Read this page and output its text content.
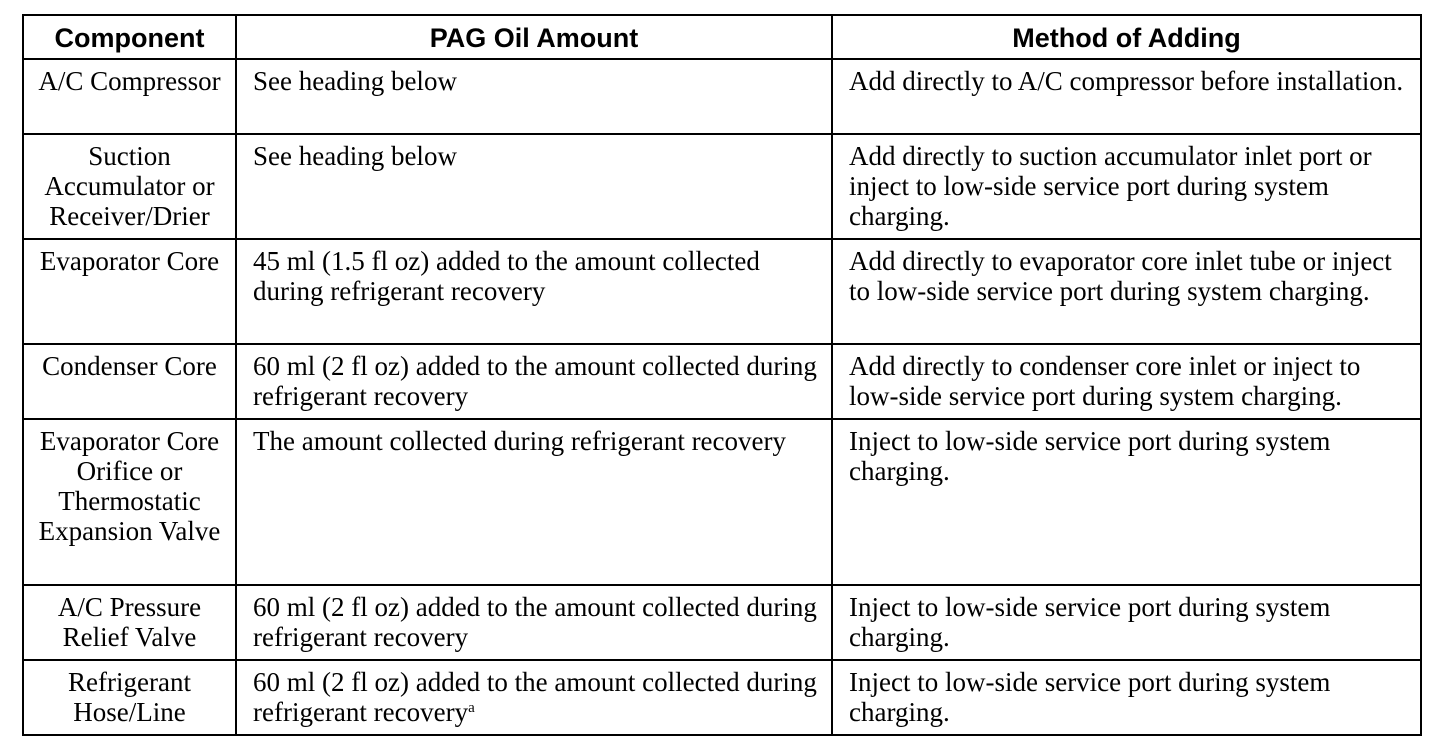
Component	PAG Oil Amount	Method of Adding
A/C Compressor	See heading below	Add directly to A/C compressor before installation.
Suction Accumulator or Receiver/Drier	See heading below	Add directly to suction accumulator inlet port or inject to low-side service port during system charging.
Evaporator Core	45 ml (1.5 fl oz) added to the amount collected during refrigerant recovery	Add directly to evaporator core inlet tube or inject to low-side service port during system charging.
Condenser Core	60 ml (2 fl oz) added to the amount collected during refrigerant recovery	Add directly to condenser core inlet or inject to low-side service port during system charging.
Evaporator Core Orifice or Thermostatic Expansion Valve	The amount collected during refrigerant recovery	Inject to low-side service port during system charging.
A/C Pressure Relief Valve	60 ml (2 fl oz) added to the amount collected during refrigerant recovery	Inject to low-side service port during system charging.
Refrigerant Hose/Line	60 ml (2 fl oz) added to the amount collected during refrigerant recovery$^a$	Inject to low-side service port during system charging.
